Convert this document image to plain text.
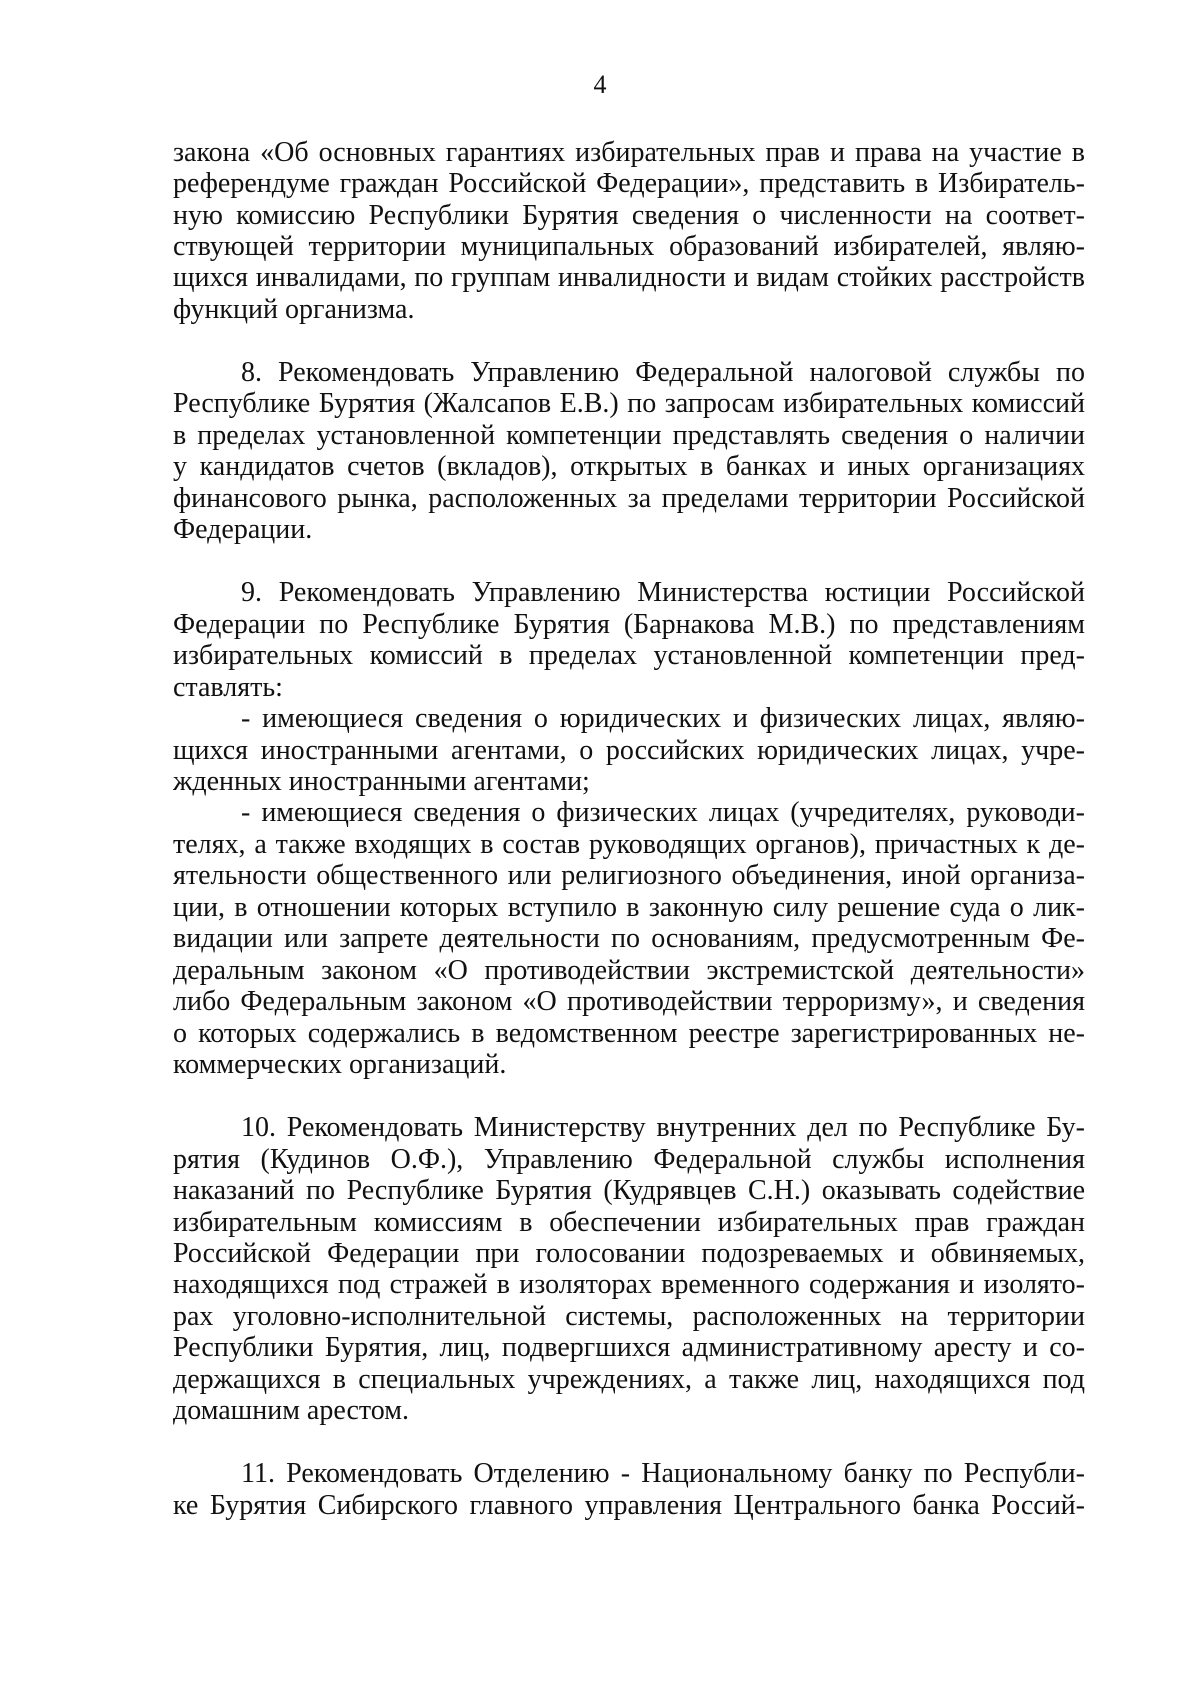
4
закона «Об основных гарантиях избирательных прав и права на участие в
референдуме граждан Российской Федерации», представить в Избиратель-
ную комиссию Республики Бурятия сведения о численности на соответ-
ствующей территории муниципальных образований избирателей, являю-
щихся инвалидами, по группам инвалидности и видам стойких расстройств
функций организма.
8. Рекомендовать Управлению Федеральной налоговой службы по
Республике Бурятия (Жалсапов Е.В.) по запросам избирательных комиссий
в пределах установленной компетенции представлять сведения о наличии
у кандидатов счетов (вкладов), открытых в банках и иных организациях
финансового рынка, расположенных за пределами территории Российской
Федерации.
9. Рекомендовать Управлению Министерства юстиции Российской
Федерации по Республике Бурятия (Барнакова М.В.) по представлениям
избирательных комиссий в пределах установленной компетенции пред-
ставлять:
- имеющиеся сведения о юридических и физических лицах, являю-
щихся иностранными агентами, о российских юридических лицах, учре-
жденных иностранными агентами;
- имеющиеся сведения о физических лицах (учредителях, руководи-
телях, а также входящих в состав руководящих органов), причастных к де-
ятельности общественного или религиозного объединения, иной организа-
ции, в отношении которых вступило в законную силу решение суда о лик-
видации или запрете деятельности по основаниям, предусмотренным Фе-
деральным законом «О противодействии экстремистской деятельности»
либо Федеральным законом «О противодействии терроризму», и сведения
о которых содержались в ведомственном реестре зарегистрированных не-
коммерческих организаций.
10. Рекомендовать Министерству внутренних дел по Республике Бу-
рятия (Кудинов О.Ф.), Управлению Федеральной службы исполнения
наказаний по Республике Бурятия (Кудрявцев С.Н.) оказывать содействие
избирательным комиссиям в обеспечении избирательных прав граждан
Российской Федерации при голосовании подозреваемых и обвиняемых,
находящихся под стражей в изоляторах временного содержания и изолято-
рах уголовно-исполнительной системы, расположенных на территории
Республики Бурятия, лиц, подвергшихся административному аресту и со-
держащихся в специальных учреждениях, а также лиц, находящихся под
домашним арестом.
11. Рекомендовать Отделению - Национальному банку по Республи-
ке Бурятия Сибирского главного управления Центрального банка Россий-
